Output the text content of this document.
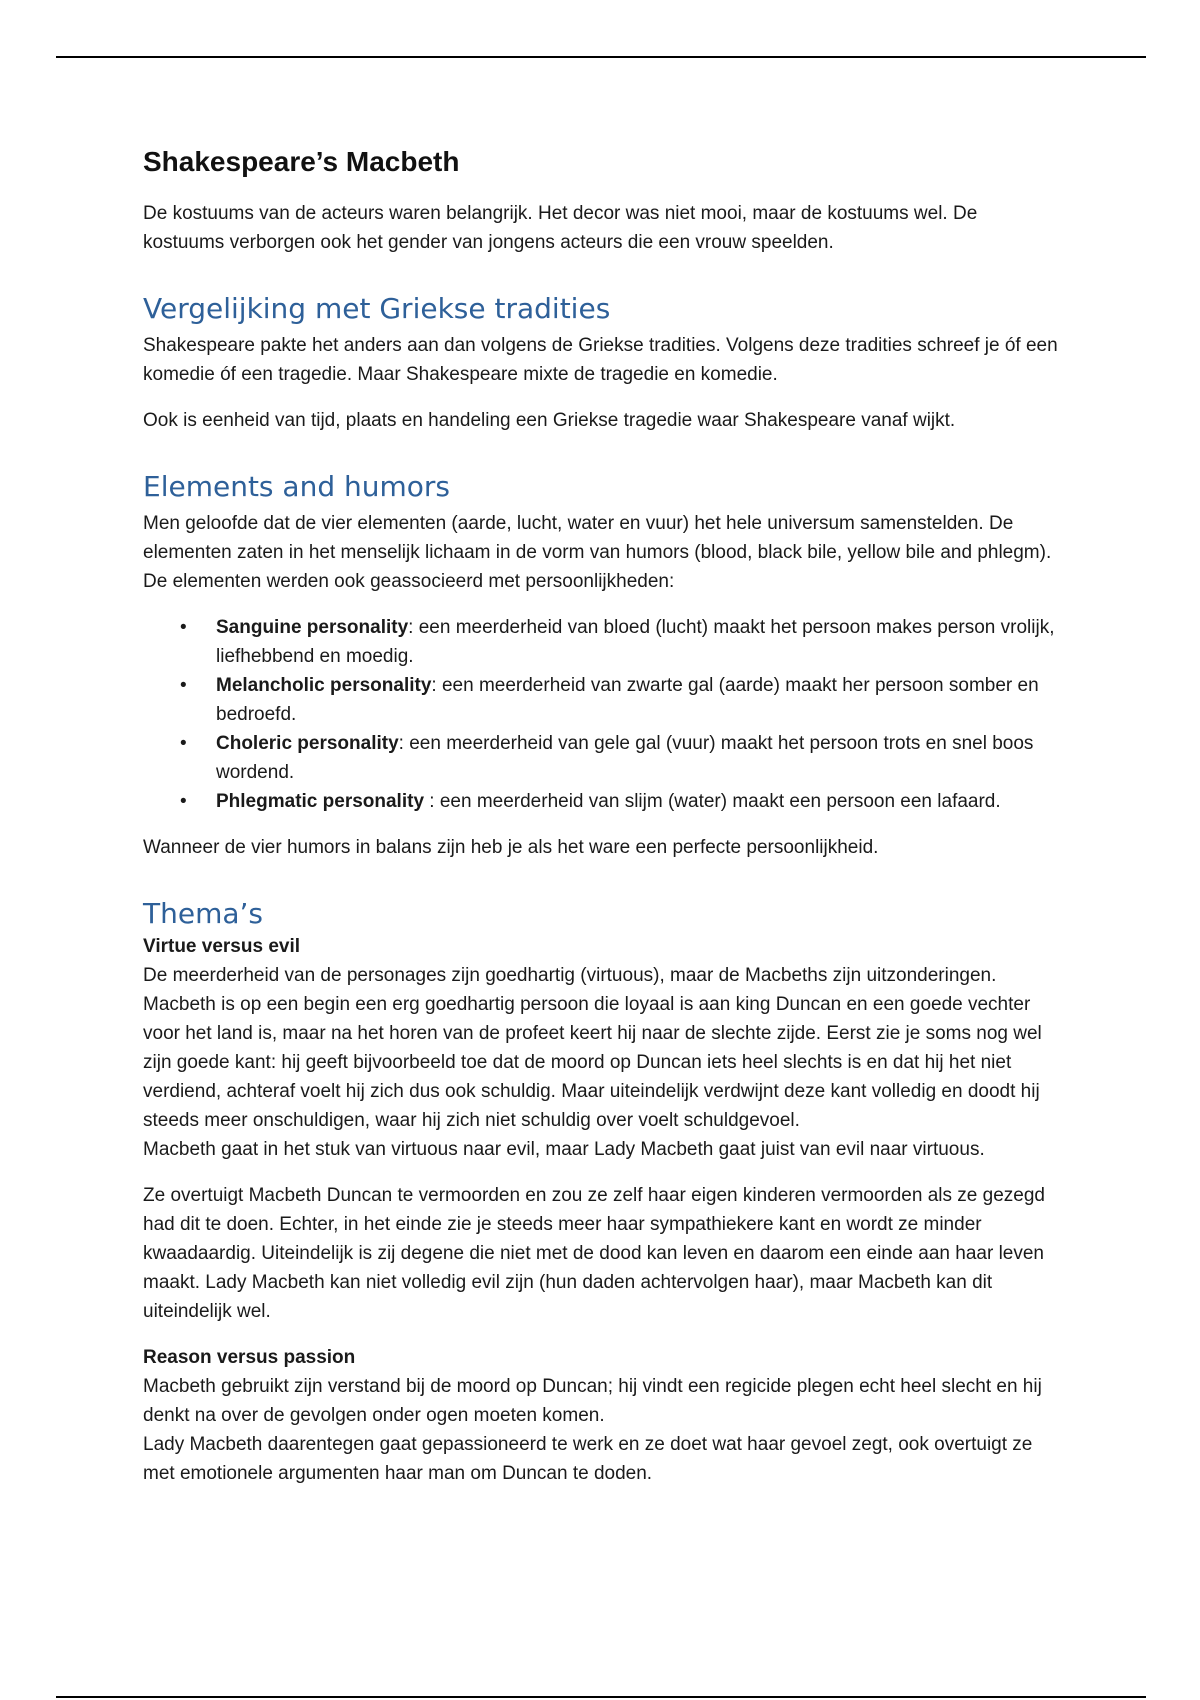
Shakespeare’s Macbeth

De kostuums van de acteurs waren belangrijk. Het decor was niet mooi, maar de kostuums wel. De kostuums verborgen ook het gender van jongens acteurs die een vrouw speelden.

Vergelijking met Griekse tradities

Shakespeare pakte het anders aan dan volgens de Griekse tradities. Volgens deze tradities schreef je óf een komedie óf een tragedie. Maar Shakespeare mixte de tragedie en komedie.

Ook is eenheid van tijd, plaats en handeling een Griekse tragedie waar Shakespeare vanaf wijkt.

Elements and humors

Men geloofde dat de vier elementen (aarde, lucht, water en vuur) het hele universum samenstelden. De elementen zaten in het menselijk lichaam in de vorm van humors (blood, black bile, yellow bile and phlegm). De elementen werden ook geassocieerd met persoonlijkheden:

• Sanguine personality: een meerderheid van bloed (lucht) maakt het persoon makes person vrolijk, liefhebbend en moedig.
• Melancholic personality: een meerderheid van zwarte gal (aarde) maakt her persoon somber en bedroefd.
• Choleric personality: een meerderheid van gele gal (vuur) maakt het persoon trots en snel boos wordend.
• Phlegmatic personality : een meerderheid van slijm (water) maakt een persoon een lafaard.

Wanneer de vier humors in balans zijn heb je als het ware een perfecte persoonlijkheid.

Thema’s

Virtue versus evil
De meerderheid van de personages zijn goedhartig (virtuous), maar de Macbeths zijn uitzonderingen. Macbeth is op een begin een erg goedhartig persoon die loyaal is aan king Duncan en een goede vechter voor het land is, maar na het horen van de profeet keert hij naar de slechte zijde. Eerst zie je soms nog wel zijn goede kant: hij geeft bijvoorbeeld toe dat de moord op Duncan iets heel slechts is en dat hij het niet verdiend, achteraf voelt hij zich dus ook schuldig. Maar uiteindelijk verdwijnt deze kant volledig en doodt hij steeds meer onschuldigen, waar hij zich niet schuldig over voelt schuldgevoel.
Macbeth gaat in het stuk van virtuous naar evil, maar Lady Macbeth gaat juist van evil naar virtuous.

Ze overtuigt Macbeth Duncan te vermoorden en zou ze zelf haar eigen kinderen vermoorden als ze gezegd had dit te doen. Echter, in het einde zie je steeds meer haar sympathiekere kant en wordt ze minder kwaadaardig. Uiteindelijk is zij degene die niet met de dood kan leven en daarom een einde aan haar leven maakt. Lady Macbeth kan niet volledig evil zijn (hun daden achtervolgen haar), maar Macbeth kan dit uiteindelijk wel.

Reason versus passion
Macbeth gebruikt zijn verstand bij de moord op Duncan; hij vindt een regicide plegen echt heel slecht en hij denkt na over de gevolgen onder ogen moeten komen.
Lady Macbeth daarentegen gaat gepassioneerd te werk en ze doet wat haar gevoel zegt, ook overtuigt ze met emotionele argumenten haar man om Duncan te doden.
